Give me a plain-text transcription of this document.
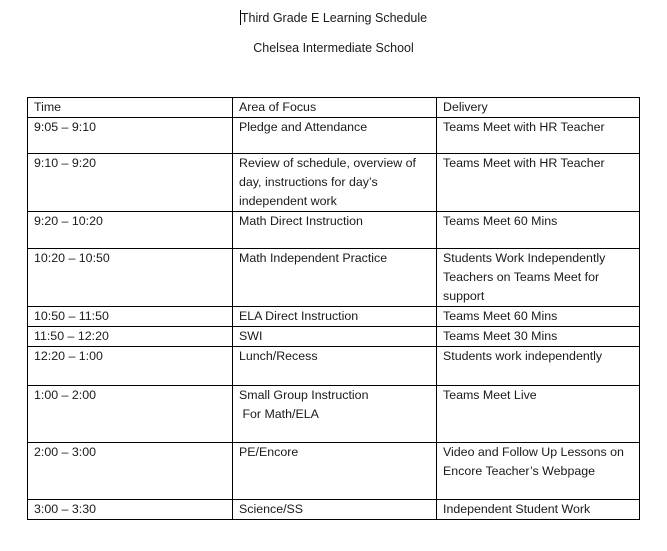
Third Grade E Learning Schedule
Chelsea Intermediate School
Time	Area of Focus	Delivery
9:05 – 9:10	Pledge and Attendance	Teams Meet with HR Teacher

9:10 – 9:20	Review of schedule, overview of
day, instructions for day’s
independent work	Teams Meet with HR Teacher

9:20 – 10:20	Math Direct Instruction	Teams Meet 60 Mins

10:20 – 10:50	Math Independent Practice	Students Work Independently
Teachers on Teams Meet for
support

10:50 – 11:50	ELA Direct Instruction	Teams Meet 60 Mins

11:50 – 12:20	SWI	Teams Meet 30 Mins

12:20 – 1:00	Lunch/Recess	Students work independently

1:00 – 2:00	Small Group Instruction
For Math/ELA	Teams Meet Live

2:00 – 3:00	PE/Encore	Video and Follow Up Lessons on
Encore Teacher’s Webpage

3:00 – 3:30	Science/SS	Independent Student Work
